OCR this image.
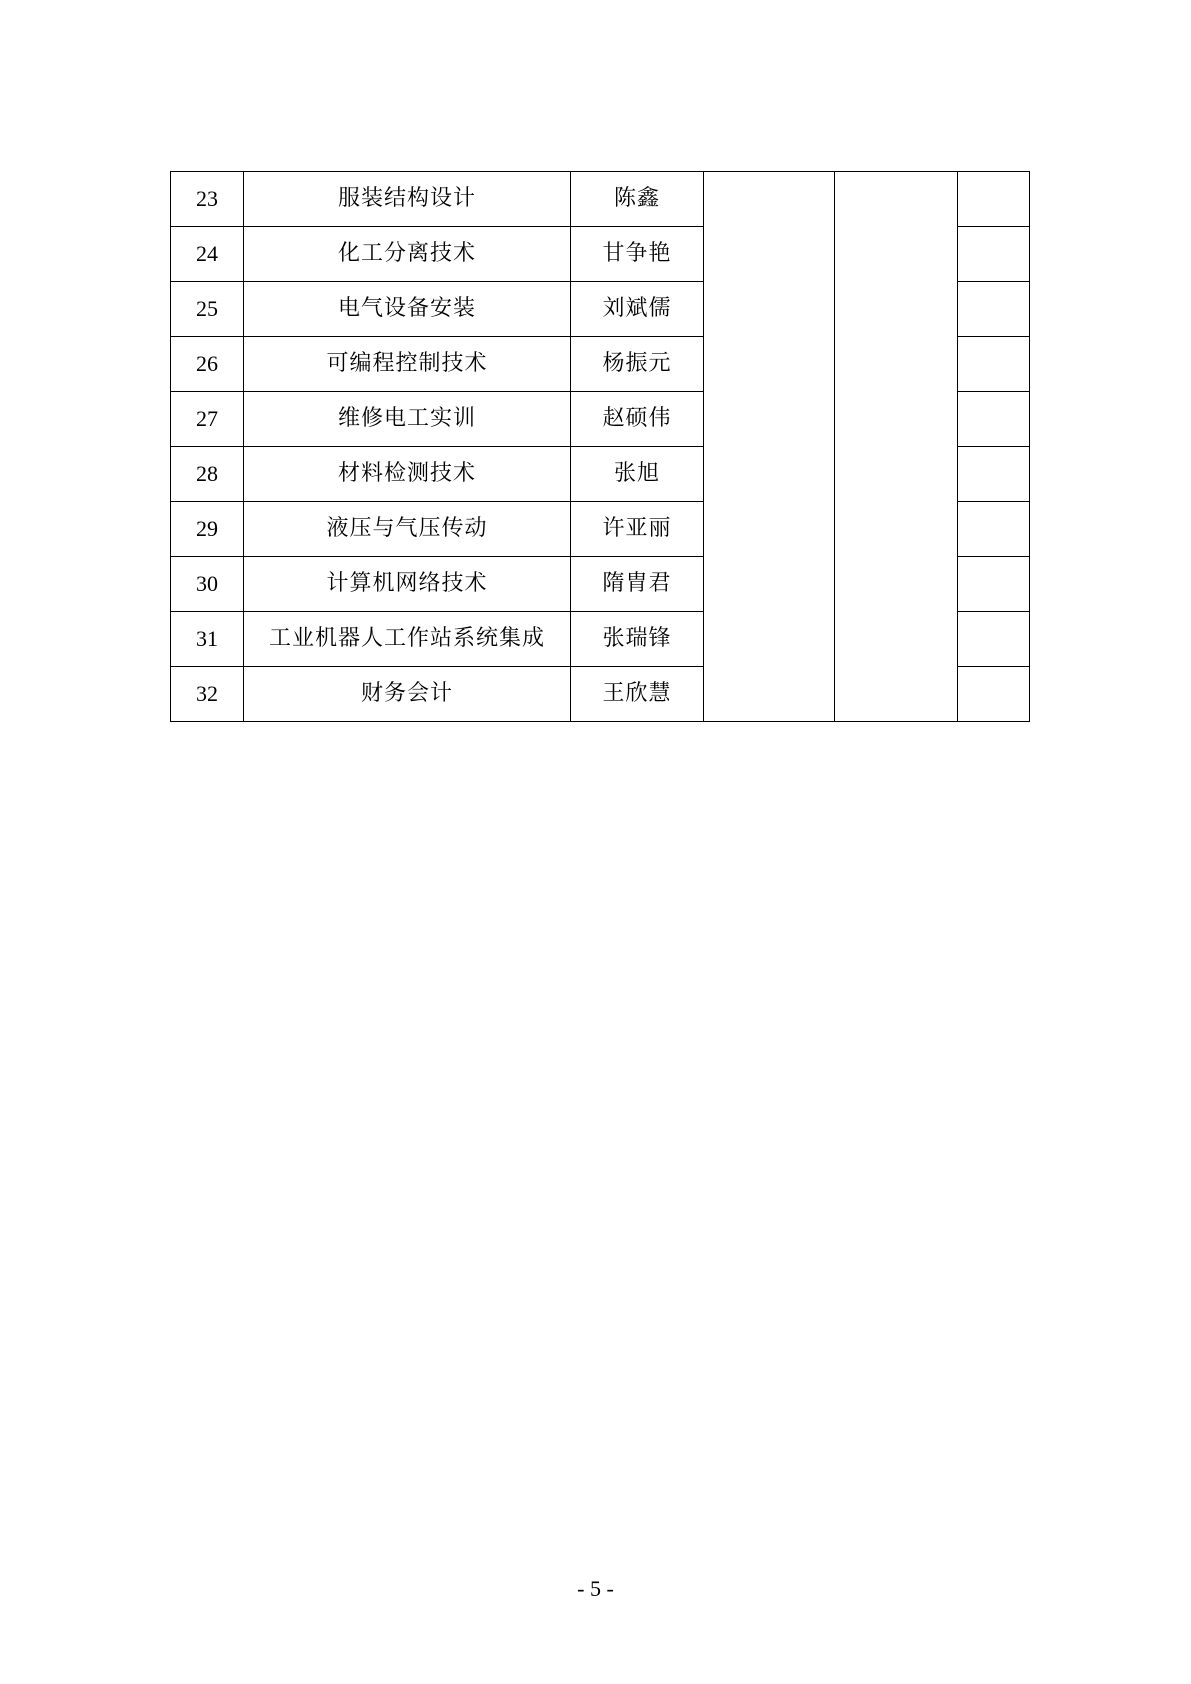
23	服装结构设计	陈鑫			
24	化工分离技术	甘争艳			
25	电气设备安装	刘斌儒			
26	可编程控制技术	杨振元			
27	维修电工实训	赵硕伟			
28	材料检测技术	张旭			
29	液压与气压传动	许亚丽			
30	计算机网络技术	隋胄君			
31	工业机器人工作站系统集成	张瑞锋			
32	财务会计	王欣慧			
- 5 -
